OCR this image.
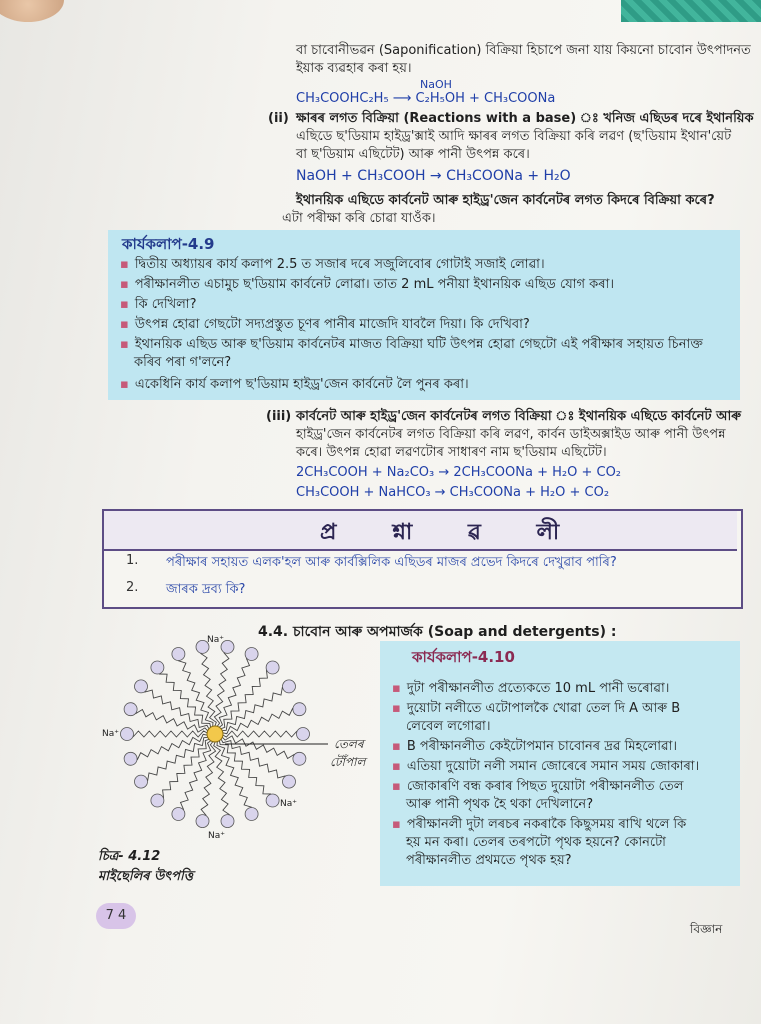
বা চাবোনীভৱন (Saponification) বিক্ৰিয়া হিচাপে জনা যায় কিয়নো চাবোন উৎপাদনত
ইয়াক ব্যৱহাৰ কৰা হয়।
NaOH
CH₃COOHC₂H₅ ⟶ C₂H₅OH + CH₃COONa
(ii) ক্ষাৰৰ লগত বিক্ৰিয়া (Reactions with a base) ঃ খনিজ এছিডৰ দৰে ইথানয়িক
এছিডে ছ'ডিয়াম হাইড্ৰ'ক্সাই আদি ক্ষাৰৰ লগত বিক্ৰিয়া কৰি লৱণ (ছ'ডিয়াম ইথান'য়েট
বা ছ'ডিয়াম এছিটেট) আৰু পানী উৎপন্ন কৰে।
NaOH + CH₃COOH → CH₃COONa + H₂O
ইথানয়িক এছিডে কাৰ্বনেট আৰু হাইড্ৰ'জেন কাৰ্বনেটৰ লগত কিদৰে বিক্ৰিয়া কৰে?
এটা পৰীক্ষা কৰি চোৱা যাওঁক।
কাৰ্যকলাপ-4.9
▪ দ্বিতীয় অধ্যায়ৰ কাৰ্য কলাপ 2.5 ত সজাৰ দৰে সজুলিবোৰ গোটাই সজাই লোৱা।
▪ পৰীক্ষানলীত এচামুচ ছ'ডিয়াম কাৰ্বনেট লোৱা। তাত 2 mL পনীয়া ইথানয়িক এছিড যোগ কৰা।
▪ কি দেখিলা?
▪ উৎপন্ন হোৱা গেছটো সদ্যপ্ৰস্তুত চূণৰ পানীৰ মাজেদি যাবলৈ দিয়া। কি দেখিবা?
▪ ইথানয়িক এছিড আৰু ছ'ডিয়াম কাৰ্বনেটৰ মাজত বিক্ৰিয়া ঘটি উৎপন্ন হোৱা গেছটো এই পৰীক্ষাৰ সহায়ত চিনাক্ত
কৰিব পৰা গ'লনে?
▪ একেধিনি কাৰ্য কলাপ ছ'ডিয়াম হাইড্ৰ'জেন কাৰ্বনেট লৈ পুনৰ কৰা।
(iii) কাৰ্বনেট আৰু হাইড্ৰ'জেন কাৰ্বনেটৰ লগত বিক্ৰিয়া ঃ ইথানয়িক এছিডে কাৰ্বনেট আৰু
হাইড্ৰ'জেন কাৰ্বনেটৰ লগত বিক্ৰিয়া কৰি লৱণ, কাৰ্বন ডাইঅক্সাইড আৰু পানী উৎপন্ন
কৰে। উৎপন্ন হোৱা লৱণটোৰ সাধাৰণ নাম ছ'ডিয়াম এছিটেট।
2CH₃COOH + Na₂CO₃ → 2CH₃COONa + H₂O + CO₂
CH₃COOH + NaHCO₃ → CH₃COONa + H₂O + CO₂
প্ৰ শ্না ৱ লী
1. পৰীক্ষাৰ সহায়ত এলক'হল আৰু কাৰ্বক্সিলিক এছিডৰ মাজৰ প্ৰভেদ কিদৰে দেখুৱাব পাৰি?
2. জাৰক দ্ৰব্য কি?
4.4. চাবোন আৰু অপমাৰ্জক (Soap and detergents) :
কাৰ্যকলাপ-4.10
▪ দুটা পৰীক্ষানলীত প্ৰত্যেকতে 10 mL পানী ভৰোৱা।
▪ দুয়োটা নলীতে এটোপালকৈ খোৱা তেল দি A আৰু B
লেবেল লগোৱা।
▪ B পৰীক্ষানলীত কেইটোপমান চাবোনৰ দ্ৰৱ মিহলোৱা।
▪ এতিয়া দুয়োটা নলী সমান জোৰেৰে সমান সময় জোকাৰা।
▪ জোকাৰণি বন্ধ কৰাৰ পিছত দুয়োটা পৰীক্ষানলীত তেল
আৰু পানী পৃথক হৈ থকা দেখিলানে?
▪ পৰীক্ষানলী দুটা লৰচৰ নকৰাকৈ কিছুসময় ৰাখি থলে কি
হয় মন কৰা। তেলৰ তৰপটো পৃথক হয়নে? কোনটো
পৰীক্ষানলীত প্ৰথমতে পৃথক হয়?
Na⁺
Na⁺
Na⁺
Na⁺
তেলৰ
টোঁপাল
চিত্ৰ- 4.12
মাইছেলিৰ উৎপত্তি
7 4
বিজ্ঞান
